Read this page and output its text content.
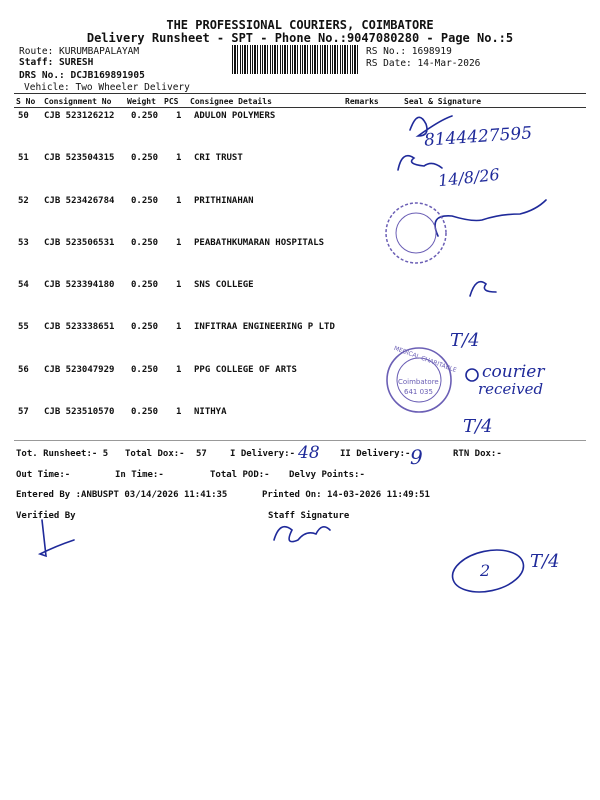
THE PROFESSIONAL COURIERS, COIMBATORE
Delivery Runsheet - SPT - Phone No.:9047080280 - Page No.:5
Route: KURUMBAPALAYAM
Staff: SURESH
DRS No.: DCJB169891905
Vehicle: Two Wheeler Delivery
RS No.: 1698919
RS Date: 14-Mar-2026
S No Consignment No Weight PCS Consignee Details	Remarks	Seal & Signature
50 CJB 523126212 0.250 1 ADULON POLYMERS
51 CJB 523504315 0.250 1 CRI TRUST
52 CJB 523426784 0.250 1 PRITHINAHAN
53 CJB 523506531 0.250 1 PEABATHKUMARAN HOSPITALS
54 CJB 523394180 0.250 1 SNS COLLEGE
55 CJB 523338651 0.250 1 INFITRAA ENGINEERING P LTD
56 CJB 523047929 0.250 1 PPG COLLEGE OF ARTS
57 CJB 523510570 0.250 1 NITHYA
Tot. Runsheet:- 5 Total Dox:- 57	I Delivery:-	II Delivery:-	RTN Dox:-
Out Time:-	In Time:-	Total POD:- Delvy Points:-
Entered By :ANBUSPT 03/14/2026 11:41:35	Printed On: 14-03-2026 11:49:51
Verified By	Staff Signature
8144427595
14/8/26
48	9
courier
received
T/4
T/4
2 T/4
MEDICAL CHARITABLE
Coimbatore
641 035
